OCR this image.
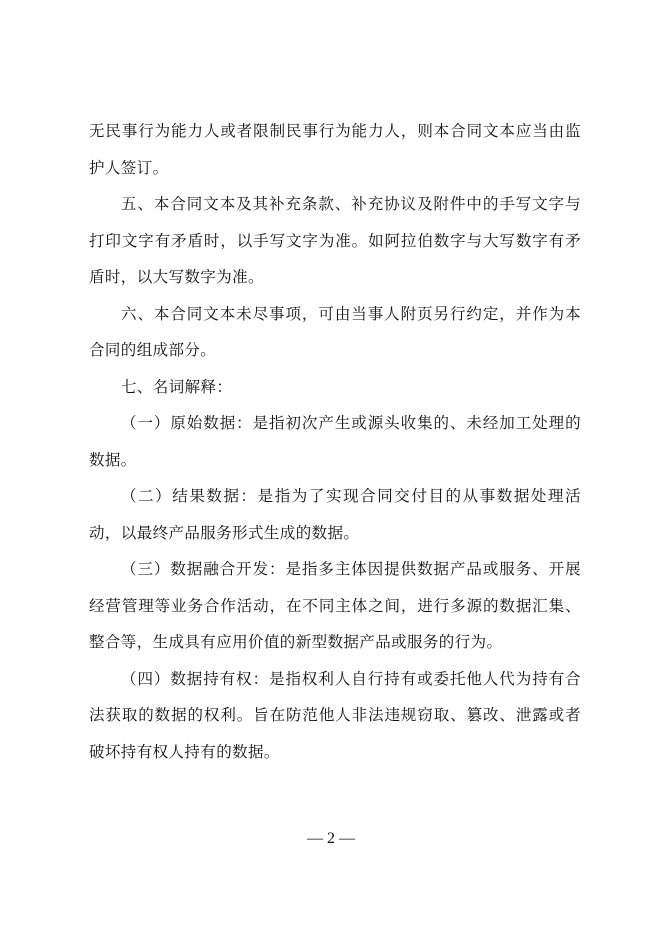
无民事行为能力人或者限制民事行为能力人，则本合同文本应当由监护人签订。

五、本合同文本及其补充条款、补充协议及附件中的手写文字与打印文字有矛盾时，以手写文字为准。如阿拉伯数字与大写数字有矛盾时，以大写数字为准。

六、本合同文本未尽事项，可由当事人附页另行约定，并作为本合同的组成部分。

七、名词解释：

（一）原始数据：是指初次产生或源头收集的、未经加工处理的数据。

（二）结果数据：是指为了实现合同交付目的从事数据处理活动，以最终产品服务形式生成的数据。

（三）数据融合开发：是指多主体因提供数据产品或服务、开展经营管理等业务合作活动，在不同主体之间，进行多源的数据汇集、整合等，生成具有应用价值的新型数据产品或服务的行为。

（四）数据持有权：是指权利人自行持有或委托他人代为持有合法获取的数据的权利。旨在防范他人非法违规窃取、篡改、泄露或者破坏持有权人持有的数据。

— 2 —
